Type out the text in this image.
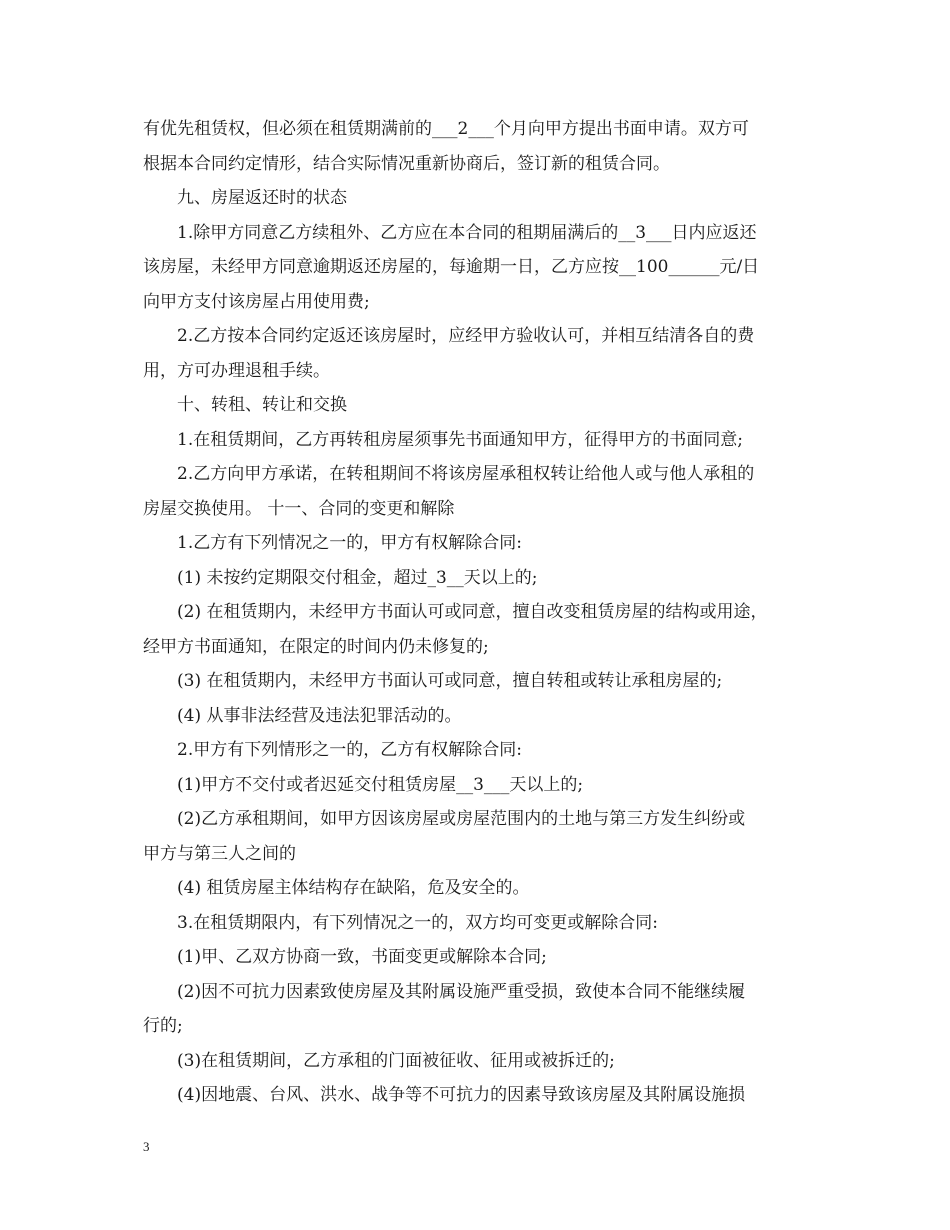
有优先租赁权，但必须在租赁期满前的___2___个月向甲方提出书面申请。双方可
根据本合同约定情形，结合实际情况重新协商后，签订新的租赁合同。
九、房屋返还时的状态
1.除甲方同意乙方续租外、乙方应在本合同的租期届满后的__3___日内应返还
该房屋，未经甲方同意逾期返还房屋的，每逾期一日，乙方应按__100______元/日
向甲方支付该房屋占用使用费;
2.乙方按本合同约定返还该房屋时，应经甲方验收认可，并相互结清各自的费
用，方可办理退租手续。
十、转租、转让和交换
1.在租赁期间，乙方再转租房屋须事先书面通知甲方，征得甲方的书面同意;
2.乙方向甲方承诺，在转租期间不将该房屋承租权转让给他人或与他人承租的
房屋交换使用。 十一、合同的变更和解除
1.乙方有下列情况之一的，甲方有权解除合同:
(1) 未按约定期限交付租金，超过_3__天以上的;
(2) 在租赁期内，未经甲方书面认可或同意，擅自改变租赁房屋的结构或用途，
经甲方书面通知，在限定的时间内仍未修复的;
(3) 在租赁期内，未经甲方书面认可或同意，擅自转租或转让承租房屋的;
(4) 从事非法经营及违法犯罪活动的。
2.甲方有下列情形之一的，乙方有权解除合同:
(1)甲方不交付或者迟延交付租赁房屋__3___天以上的;
(2)乙方承租期间，如甲方因该房屋或房屋范围内的土地与第三方发生纠纷或
甲方与第三人之间的
(4) 租赁房屋主体结构存在缺陷，危及安全的。
3.在租赁期限内，有下列情况之一的，双方均可变更或解除合同:
(1)甲、乙双方协商一致，书面变更或解除本合同;
(2)因不可抗力因素致使房屋及其附属设施严重受损，致使本合同不能继续履
行的;
(3)在租赁期间，乙方承租的门面被征收、征用或被拆迁的;
(4)因地震、台风、洪水、战争等不可抗力的因素导致该房屋及其附属设施损
3
